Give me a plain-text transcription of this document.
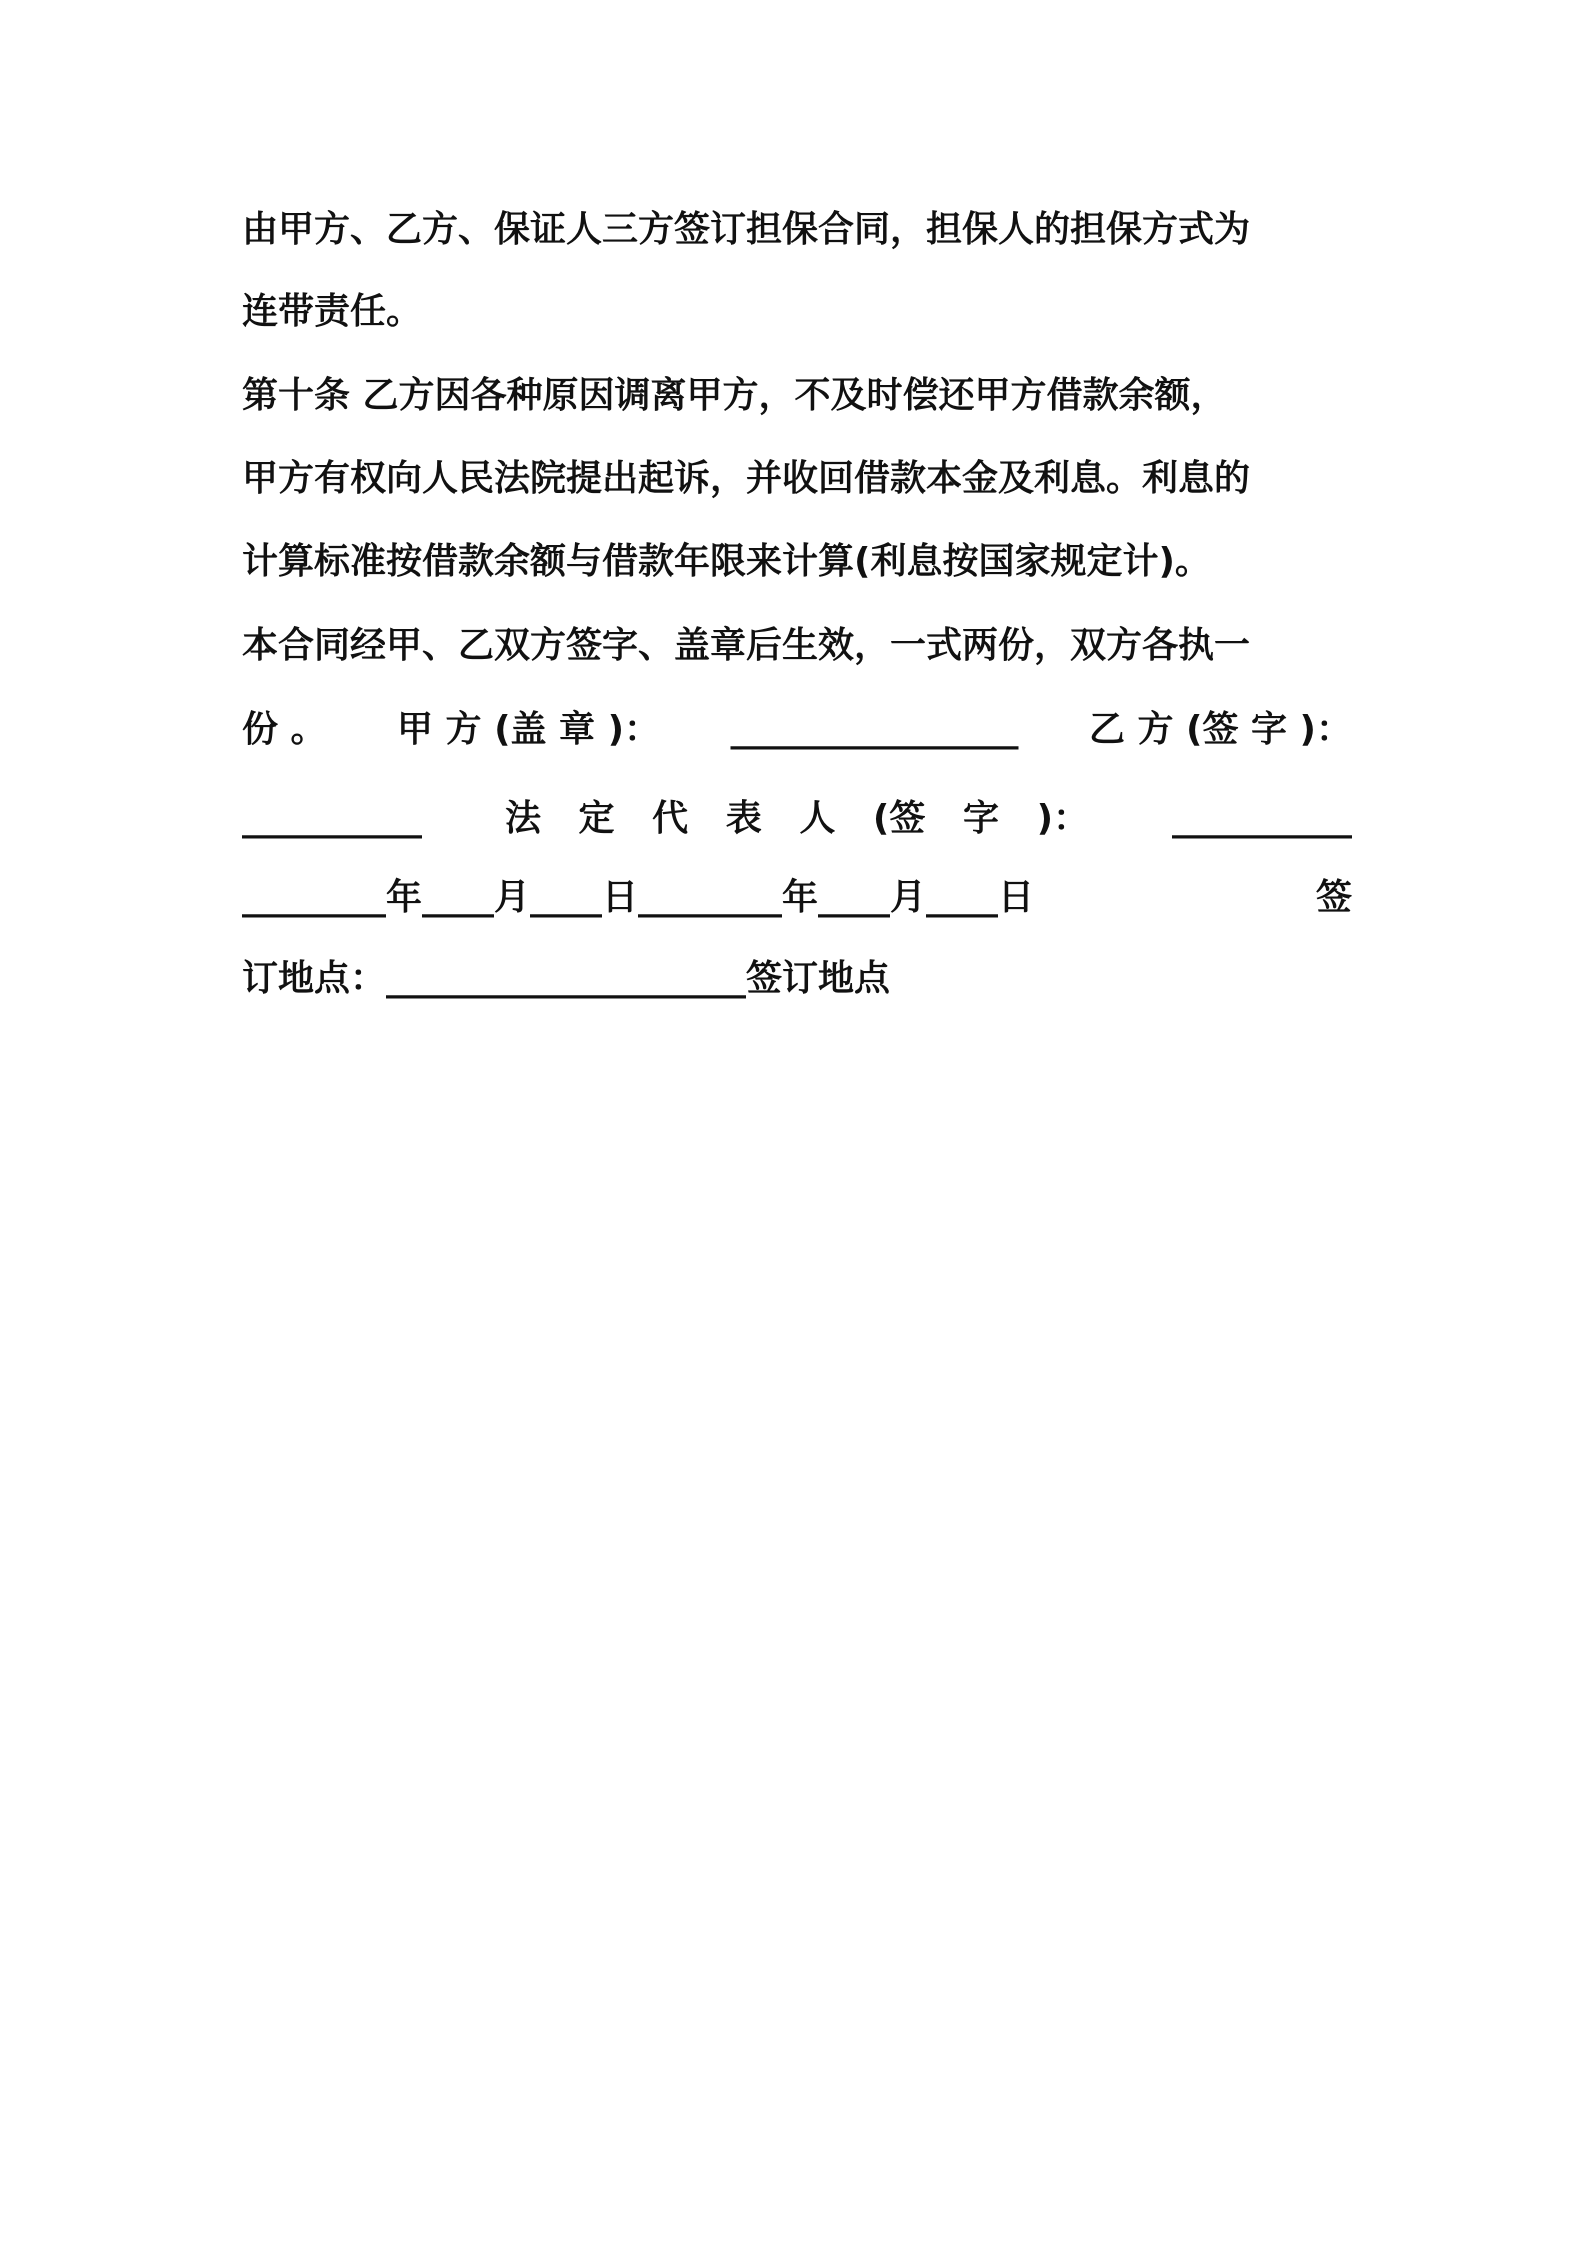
由甲方、乙方、保证人三方签订担保合同，担保人的担保方式为
连带责任。
第十条 乙方因各种原因调离甲方，不及时偿还甲方借款余额，
甲方有权向人民法院提出起诉，并收回借款本金及利息。利息的
计算标准按借款余额与借款年限来计算(利息按国家规定计)。
本合同经甲、乙双方签字、盖章后生效，一式两份，双方各执一
份 。 甲 方 (盖 章 )： ________________ 乙 方 (签 字 )：
__________ 法   定   代   表   人   (签   字   )： __________
________年____月____日________年____月____日	签
订地点：____________________签订地点
